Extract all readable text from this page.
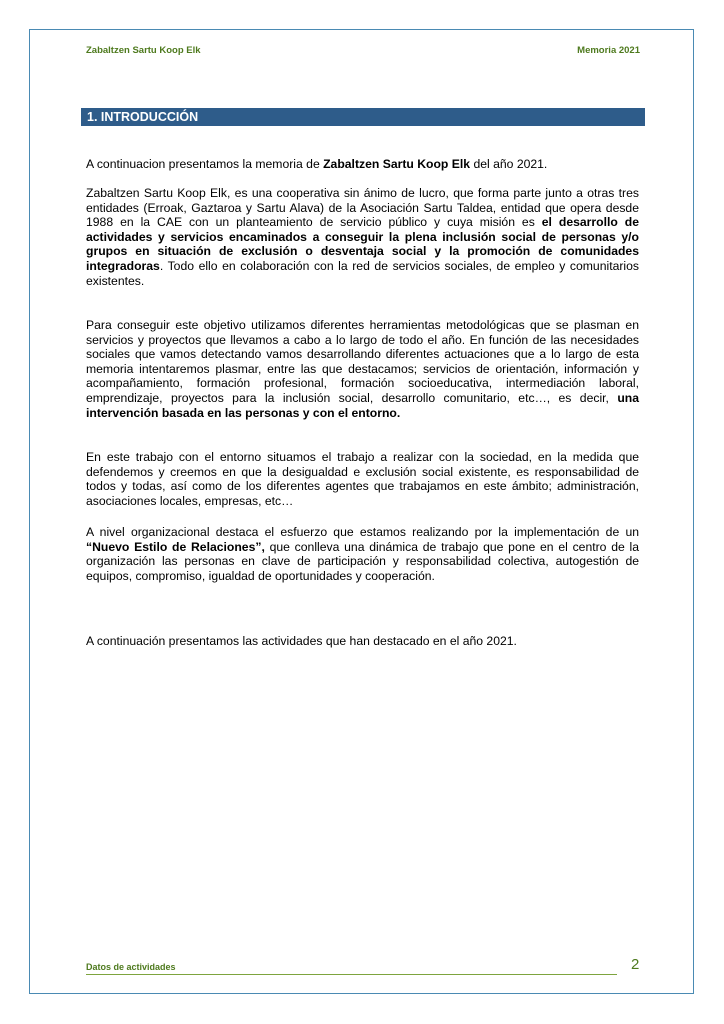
Zabaltzen Sartu Koop Elk	Memoria 2021
1. INTRODUCCIÓN

A continuacion presentamos la memoria de Zabaltzen Sartu Koop Elk del año 2021.

Zabaltzen Sartu Koop Elk, es una cooperativa sin ánimo de lucro, que forma parte junto a otras tres entidades (Erroak, Gaztaroa y Sartu Alava) de la Asociación Sartu Taldea, entidad que opera desde 1988 en la CAE con un planteamiento de servicio público y cuya misión es el desarrollo de actividades y servicios encaminados a conseguir la plena inclusión social de personas y/o grupos en situación de exclusión o desventaja social y la promoción de comunidades integradoras. Todo ello en colaboración con la red de servicios sociales, de empleo y comunitarios existentes.

Para conseguir este objetivo utilizamos diferentes herramientas metodológicas que se plasman en servicios y proyectos que llevamos a cabo a lo largo de todo el año. En función de las necesidades sociales que vamos detectando vamos desarrollando diferentes actuaciones que a lo largo de esta memoria intentaremos plasmar, entre las que destacamos; servicios de orientación, información y acompañamiento, formación profesional, formación socioeducativa, intermediación laboral, emprendizaje, proyectos para la inclusión social, desarrollo comunitario, etc…, es decir, una intervención basada en las personas y con el entorno.

En este trabajo con el entorno situamos el trabajo a realizar con la sociedad, en la medida que defendemos y creemos en que la desigualdad e exclusión social existente, es responsabilidad de todos y todas, así como de los diferentes agentes que trabajamos en este ámbito; administración, asociaciones locales, empresas, etc…

A nivel organizacional destaca el esfuerzo que estamos realizando por la implementación de un “Nuevo Estilo de Relaciones”, que conlleva una dinámica de trabajo que pone en el centro de la organización las personas en clave de participación y responsabilidad colectiva, autogestión de equipos, compromiso, igualdad de oportunidades y cooperación.

A continuación presentamos las actividades que han destacado en el año 2021.

Datos de actividades	2
